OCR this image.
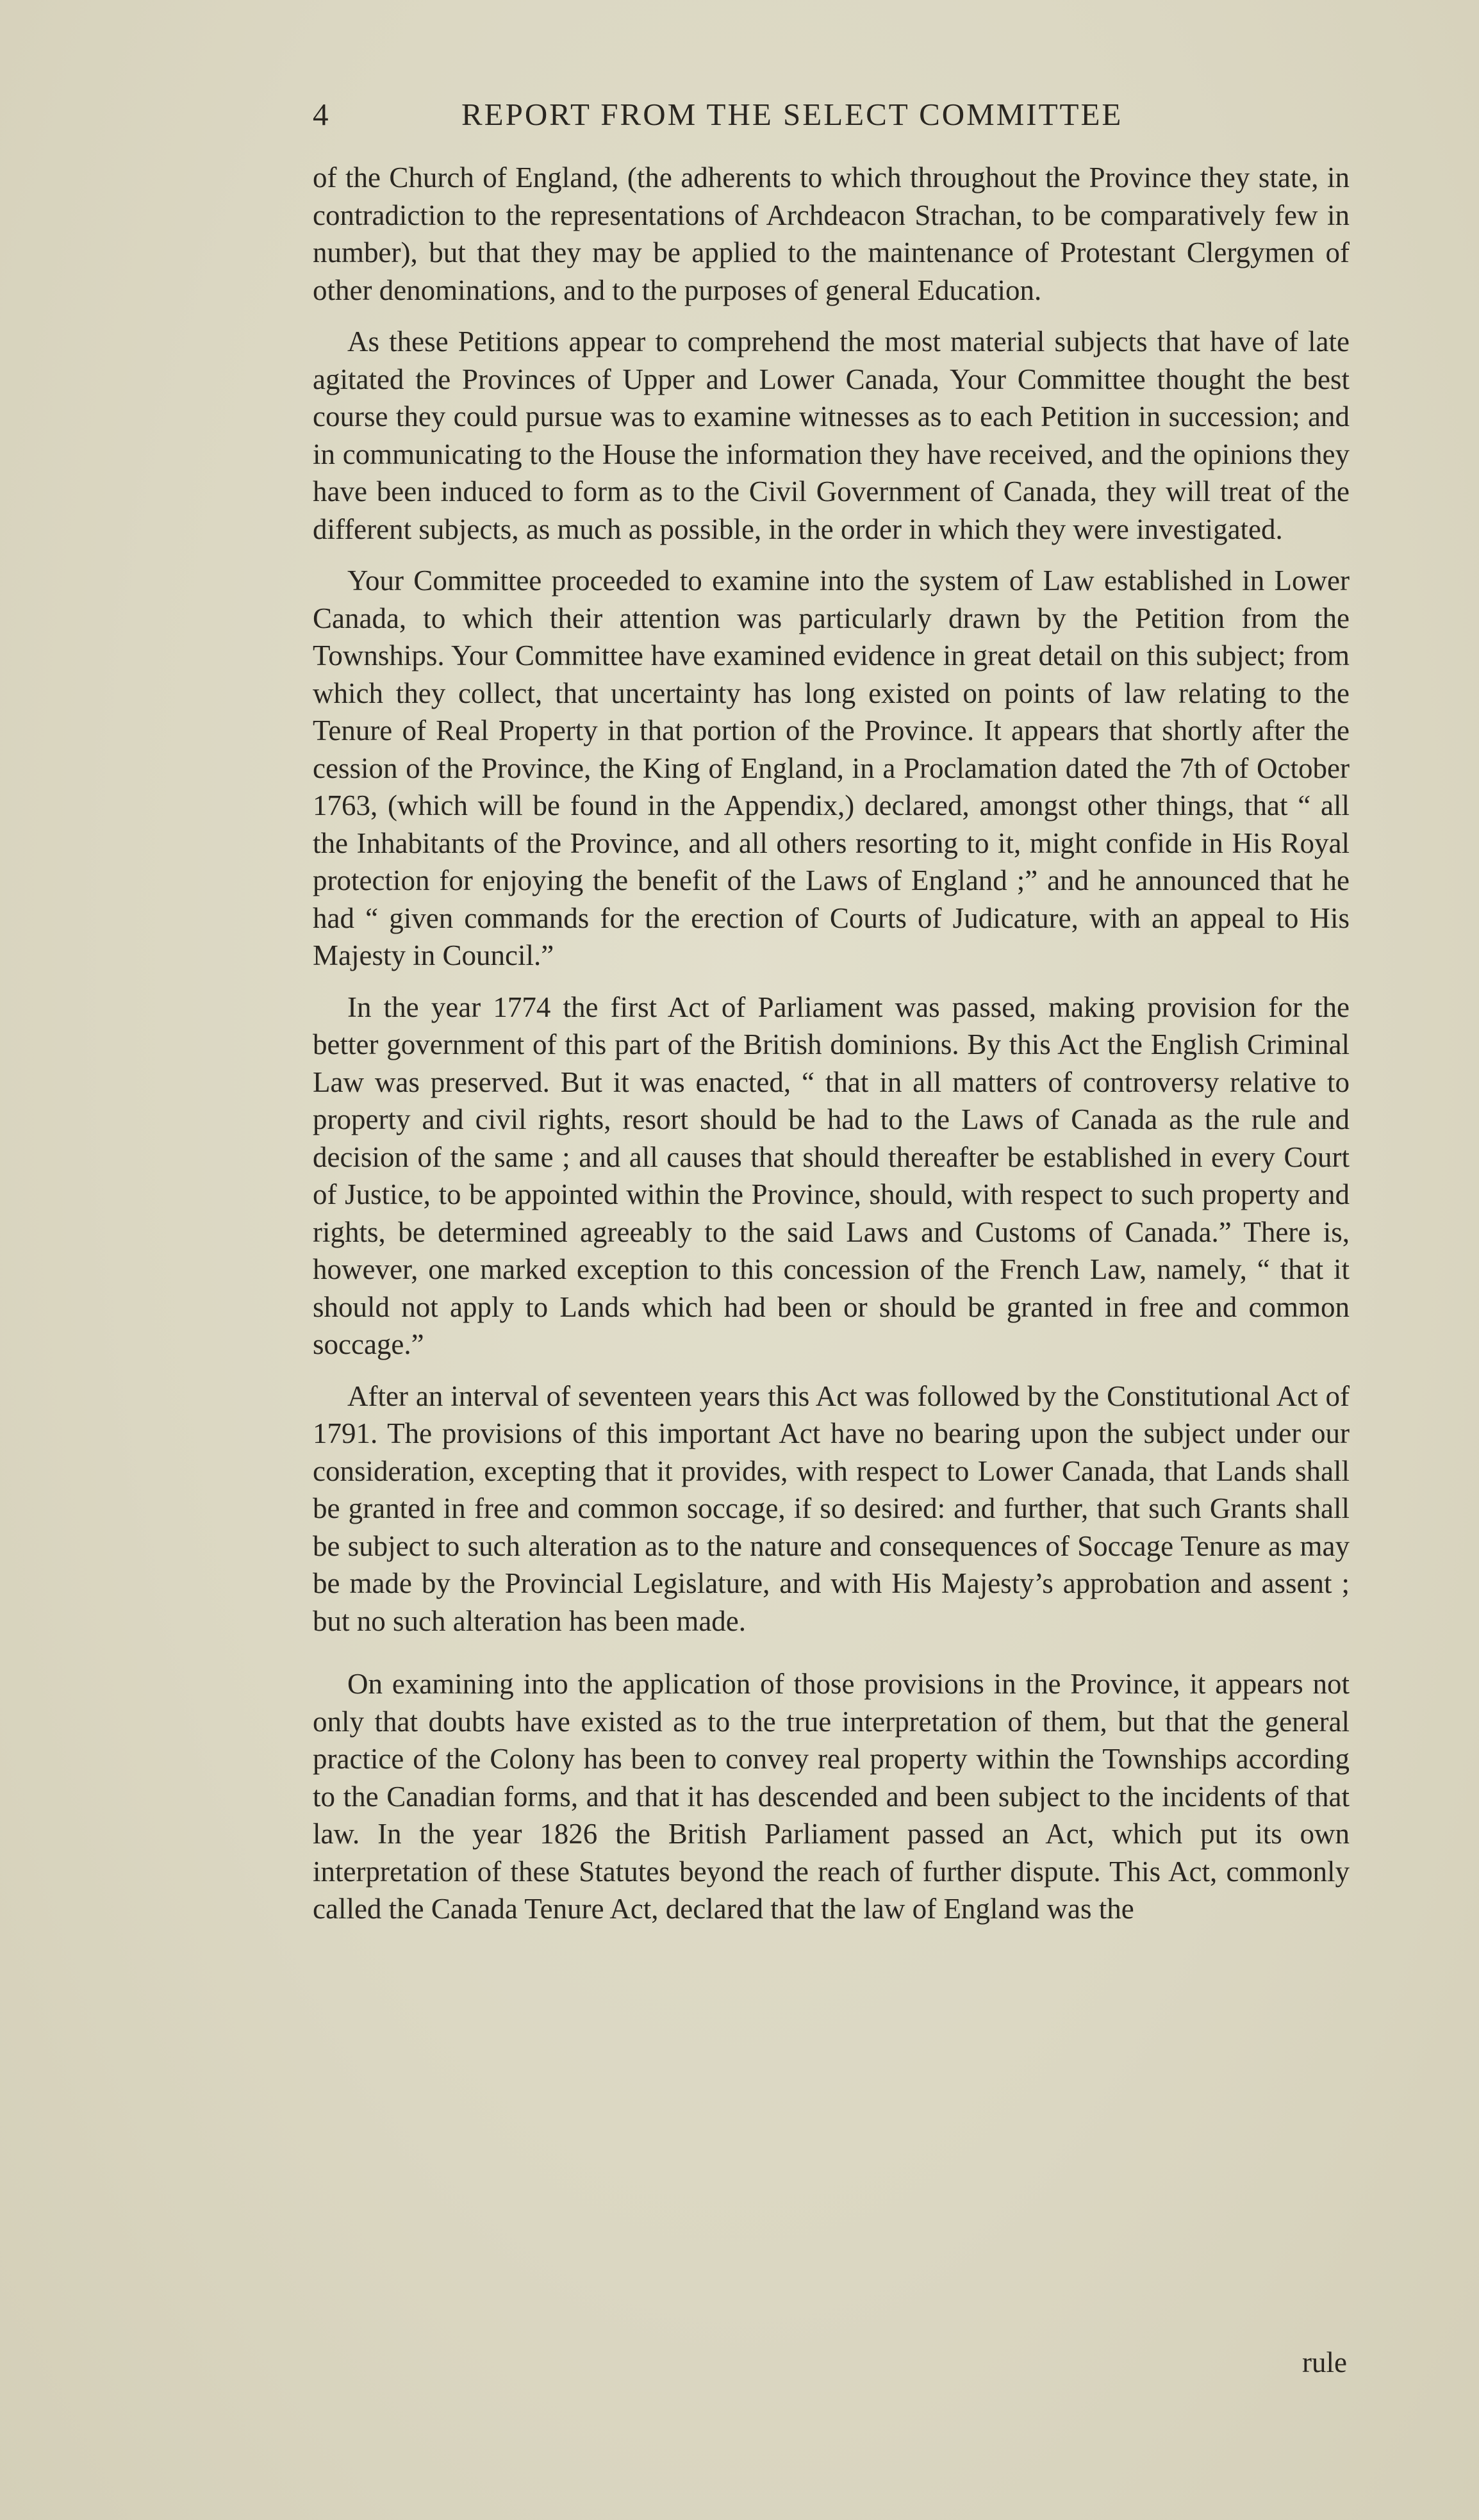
4	REPORT FROM THE SELECT COMMITTEE

of the Church of England, (the adherents to which throughout the Province they state, in contradiction to the representations of Archdeacon Strachan, to be comparatively few in number), but that they may be applied to the maintenance of Protestant Clergymen of other denominations, and to the purposes of general Education.

As these Petitions appear to comprehend the most material subjects that have of late agitated the Provinces of Upper and Lower Canada, Your Committee thought the best course they could pursue was to examine witnesses as to each Petition in succession; and in communicating to the House the information they have received, and the opinions they have been induced to form as to the Civil Government of Canada, they will treat of the different subjects, as much as possible, in the order in which they were investigated.

Your Committee proceeded to examine into the system of Law established in Lower Canada, to which their attention was particularly drawn by the Petition from the Townships. Your Committee have examined evidence in great detail on this subject; from which they collect, that uncertainty has long existed on points of law relating to the Tenure of Real Property in that portion of the Province. It appears that shortly after the cession of the Province, the King of England, in a Proclamation dated the 7th of October 1763, (which will be found in the Appendix,) declared, amongst other things, that “ all the Inhabitants of the Province, and all others resorting to it, might confide in His Royal protection for enjoying the benefit of the Laws of England ;” and he announced that he had “ given commands for the erection of Courts of Judicature, with an appeal to His Majesty in Council.”

In the year 1774 the first Act of Parliament was passed, making provision for the better government of this part of the British dominions. By this Act the English Criminal Law was preserved. But it was enacted, “ that in all matters of controversy relative to property and civil rights, resort should be had to the Laws of Canada as the rule and decision of the same ; and all causes that should thereafter be established in every Court of Justice, to be appointed within the Province, should, with respect to such property and rights, be determined agreeably to the said Laws and Customs of Canada.” There is, however, one marked exception to this concession of the French Law, namely, “ that it should not apply to Lands which had been or should be granted in free and common soccage.”

After an interval of seventeen years this Act was followed by the Constitutional Act of 1791. The provisions of this important Act have no bearing upon the subject under our consideration, excepting that it provides, with respect to Lower Canada, that Lands shall be granted in free and common soccage, if so desired: and further, that such Grants shall be subject to such alteration as to the nature and consequences of Soccage Tenure as may be made by the Provincial Legislature, and with His Majesty’s approbation and assent ; but no such alteration has been made.

On examining into the application of those provisions in the Province, it appears not only that doubts have existed as to the true interpretation of them, but that the general practice of the Colony has been to convey real property within the Townships according to the Canadian forms, and that it has descended and been subject to the incidents of that law. In the year 1826 the British Parliament passed an Act, which put its own interpretation of these Statutes beyond the reach of further dispute. This Act, commonly called the Canada Tenure Act, declared that the law of England was the

rule
